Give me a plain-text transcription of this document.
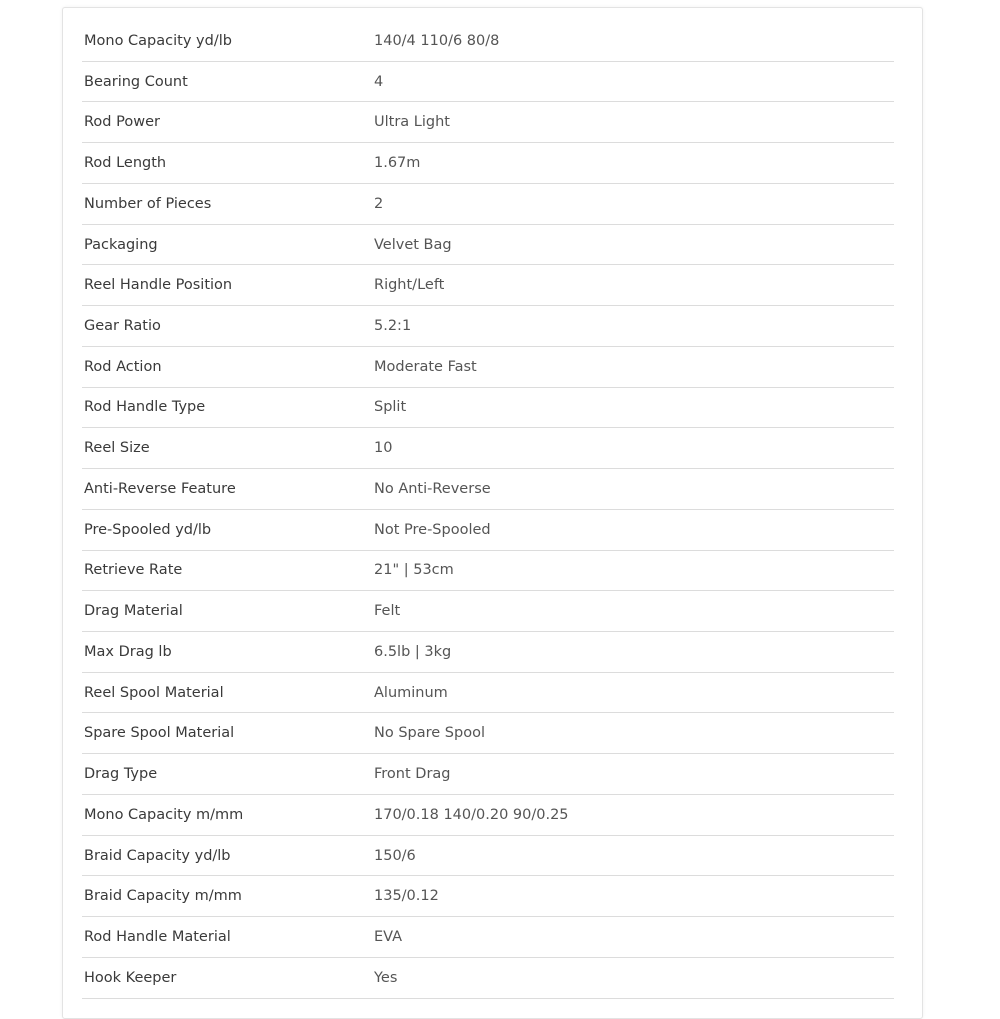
Mono Capacity yd/lb	140/4 110/6 80/8
Bearing Count	4
Rod Power	Ultra Light
Rod Length	1.67m
Number of Pieces	2
Packaging	Velvet Bag
Reel Handle Position	Right/Left
Gear Ratio	5.2:1
Rod Action	Moderate Fast
Rod Handle Type	Split
Reel Size	10
Anti-Reverse Feature	No Anti-Reverse
Pre-Spooled yd/lb	Not Pre-Spooled
Retrieve Rate	21" | 53cm
Drag Material	Felt
Max Drag lb	6.5lb | 3kg
Reel Spool Material	Aluminum
Spare Spool Material	No Spare Spool
Drag Type	Front Drag
Mono Capacity m/mm	170/0.18 140/0.20 90/0.25
Braid Capacity yd/lb	150/6
Braid Capacity m/mm	135/0.12
Rod Handle Material	EVA
Hook Keeper	Yes
